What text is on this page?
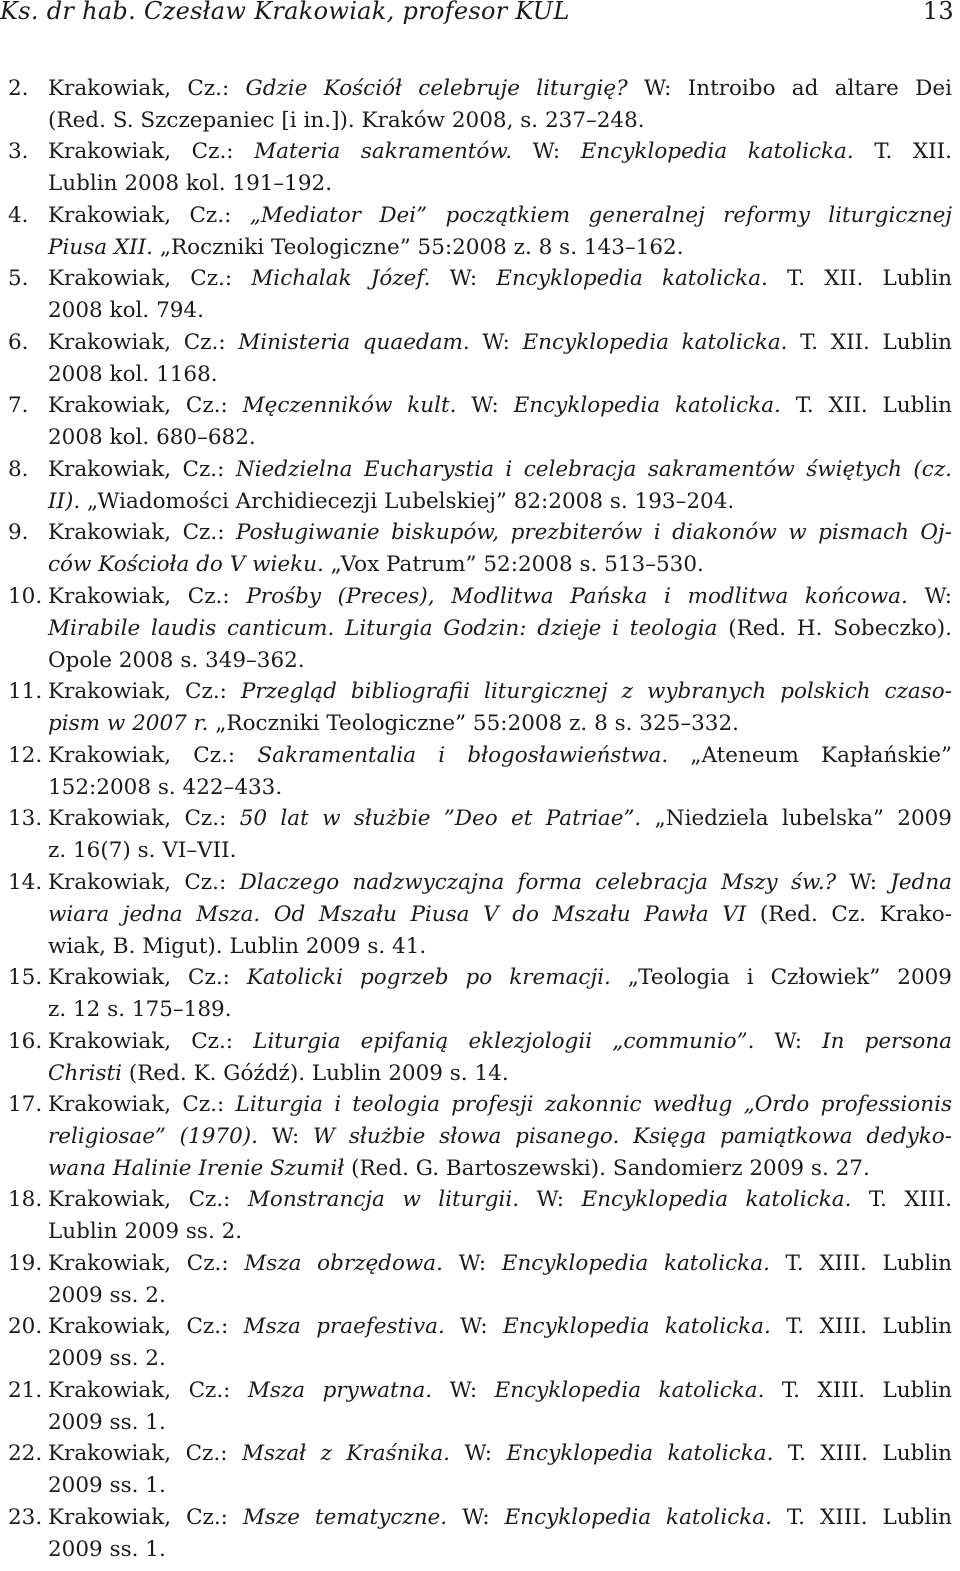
Ks. dr hab. Czesław Krakowiak, profesor KUL	13
2. Krakowiak, Cz.: Gdzie Kościół celebruje liturgię? W: Introibo ad altare Dei
(Red. S. Szczepaniec [i in.]). Kraków 2008, s. 237–248.
3. Krakowiak, Cz.: Materia sakramentów. W: Encyklopedia katolicka. T. XII.
Lublin 2008 kol. 191–192.
4. Krakowiak, Cz.: „Mediator Dei” początkiem generalnej reformy liturgicznej
Piusa XII. „Roczniki Teologiczne” 55:2008 z. 8 s. 143–162.
5. Krakowiak, Cz.: Michalak Józef. W: Encyklopedia katolicka. T. XII. Lublin
2008 kol. 794.
6. Krakowiak, Cz.: Ministeria quaedam. W: Encyklopedia katolicka. T. XII. Lublin
2008 kol. 1168.
7. Krakowiak, Cz.: Męczenników kult. W: Encyklopedia katolicka. T. XII. Lublin
2008 kol. 680–682.
8. Krakowiak, Cz.: Niedzielna Eucharystia i celebracja sakramentów świętych (cz.
II). „Wiadomości Archidiecezji Lubelskiej” 82:2008 s. 193–204.
9. Krakowiak, Cz.: Posługiwanie biskupów, prezbiterów i diakonów w pismach Oj-
ców Kościoła do V wieku. „Vox Patrum” 52:2008 s. 513–530.
10. Krakowiak, Cz.: Prośby (Preces), Modlitwa Pańska i modlitwa końcowa. W:
Mirabile laudis canticum. Liturgia Godzin: dzieje i teologia (Red. H. Sobeczko).
Opole 2008 s. 349–362.
11. Krakowiak, Cz.: Przegląd bibliografii liturgicznej z wybranych polskich czaso-
pism w 2007 r. „Roczniki Teologiczne” 55:2008 z. 8 s. 325–332.
12. Krakowiak, Cz.: Sakramentalia i błogosławieństwa. „Ateneum Kapłańskie”
152:2008 s. 422–433.
13. Krakowiak, Cz.: 50 lat w służbie ”Deo et Patriae”. „Niedziela lubelska” 2009
z. 16(7) s. VI–VII.
14. Krakowiak, Cz.: Dlaczego nadzwyczajna forma celebracja Mszy św.? W: Jedna
wiara jedna Msza. Od Mszału Piusa V do Mszału Pawła VI (Red. Cz. Krako-
wiak, B. Migut). Lublin 2009 s. 41.
15. Krakowiak, Cz.: Katolicki pogrzeb po kremacji. „Teologia i Człowiek” 2009
z. 12 s. 175–189.
16. Krakowiak, Cz.: Liturgia epifanią eklezjologii „communio”. W: In persona
Christi (Red. K. Góźdź). Lublin 2009 s. 14.
17. Krakowiak, Cz.: Liturgia i teologia profesji zakonnic według „Ordo professionis
religiosae” (1970). W: W służbie słowa pisanego. Księga pamiątkowa dedyko-
wana Halinie Irenie Szumił (Red. G. Bartoszewski). Sandomierz 2009 s. 27.
18. Krakowiak, Cz.: Monstrancja w liturgii. W: Encyklopedia katolicka. T. XIII.
Lublin 2009 ss. 2.
19. Krakowiak, Cz.: Msza obrzędowa. W: Encyklopedia katolicka. T. XIII. Lublin
2009 ss. 2.
20. Krakowiak, Cz.: Msza praefestiva. W: Encyklopedia katolicka. T. XIII. Lublin
2009 ss. 2.
21. Krakowiak, Cz.: Msza prywatna. W: Encyklopedia katolicka. T. XIII. Lublin
2009 ss. 1.
22. Krakowiak, Cz.: Mszał z Kraśnika. W: Encyklopedia katolicka. T. XIII. Lublin
2009 ss. 1.
23. Krakowiak, Cz.: Msze tematyczne. W: Encyklopedia katolicka. T. XIII. Lublin
2009 ss. 1.
